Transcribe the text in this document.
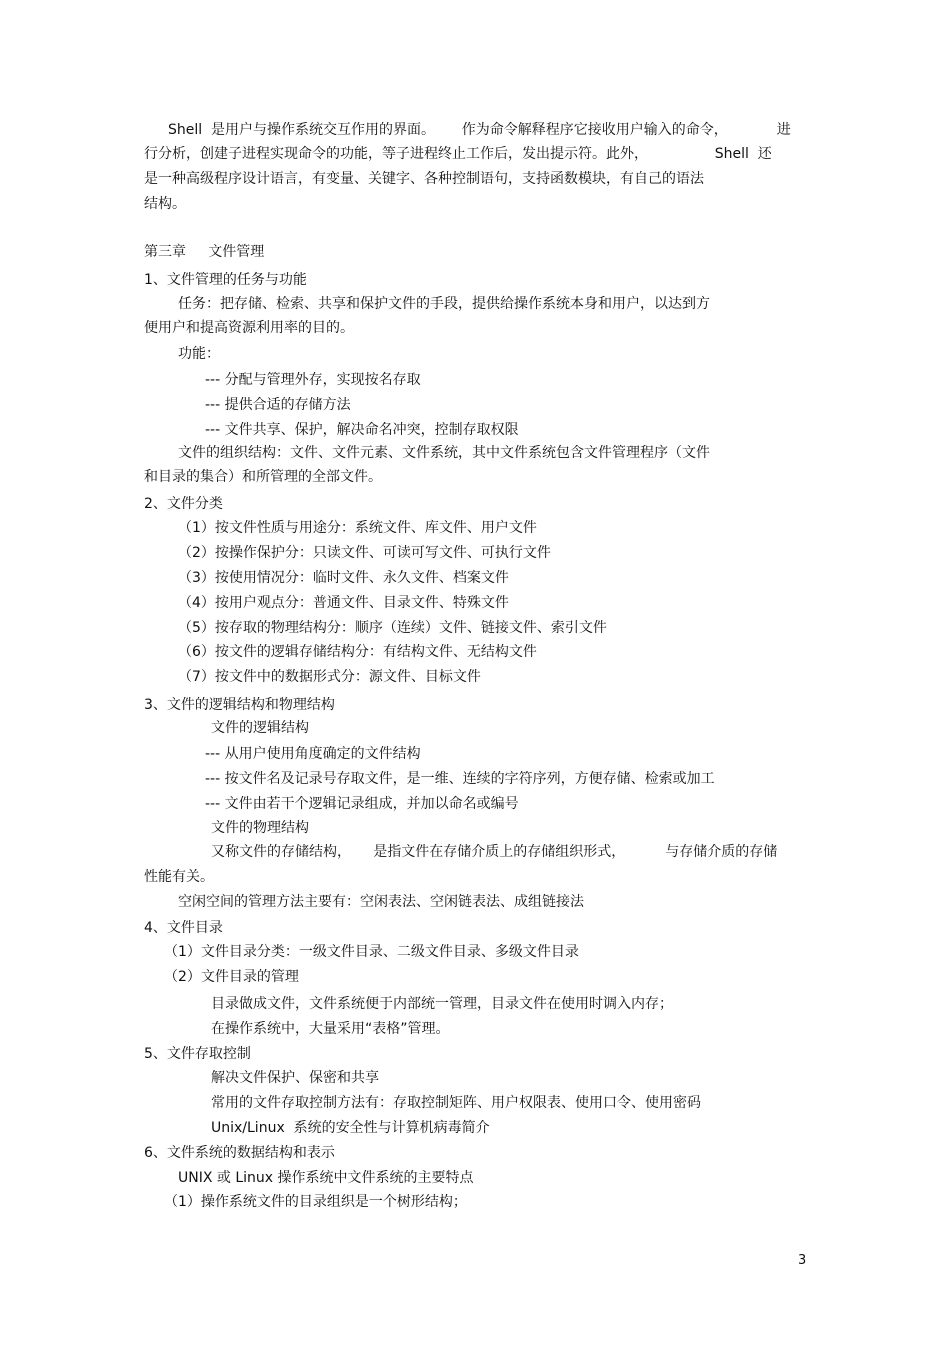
Shell  是用户与操作系统交互作用的界面。      作为命令解释程序它接收用户输入的命令，           进
行分析，创建子进程实现命令的功能，等子进程终止工作后，发出提示符。此外，               Shell  还
是一种高级程序设计语言，有变量、关键字、各种控制语句，支持函数模块，有自己的语法
结构。
第三章     文件管理
1、文件管理的任务与功能
任务：把存储、检索、共享和保护文件的手段，提供给操作系统本身和用户，以达到方
便用户和提高资源利用率的目的。
功能：
--- 分配与管理外存，实现按名存取
--- 提供合适的存储方法
--- 文件共享、保护，解决命名冲突，控制存取权限
文件的组织结构：文件、文件元素、文件系统，其中文件系统包含文件管理程序（文件
和目录的集合）和所管理的全部文件。
2、文件分类
（1）按文件性质与用途分：系统文件、库文件、用户文件
（2）按操作保护分：只读文件、可读可写文件、可执行文件
（3）按使用情况分：临时文件、永久文件、档案文件
（4）按用户观点分：普通文件、目录文件、特殊文件
（5）按存取的物理结构分：顺序（连续）文件、链接文件、索引文件
（6）按文件的逻辑存储结构分：有结构文件、无结构文件
（7）按文件中的数据形式分：源文件、目标文件
3、文件的逻辑结构和物理结构
文件的逻辑结构
--- 从用户使用角度确定的文件结构
--- 按文件名及记录号存取文件，是一维、连续的字符序列，方便存储、检索或加工
--- 文件由若干个逻辑记录组成，并加以命名或编号
文件的物理结构
又称文件的存储结构，     是指文件在存储介质上的存储组织形式，         与存储介质的存储
性能有关。
空闲空间的管理方法主要有：空闲表法、空闲链表法、成组链接法
4、文件目录
（1）文件目录分类：一级文件目录、二级文件目录、多级文件目录
（2）文件目录的管理
目录做成文件，文件系统便于内部统一管理，目录文件在使用时调入内存；
在操作系统中，大量采用“表格”管理。
5、文件存取控制
解决文件保护、保密和共享
常用的文件存取控制方法有：存取控制矩阵、用户权限表、使用口令、使用密码
Unix/Linux  系统的安全性与计算机病毒简介
6、文件系统的数据结构和表示
UNIX 或 Linux 操作系统中文件系统的主要特点
（1）操作系统文件的目录组织是一个树形结构；
3
